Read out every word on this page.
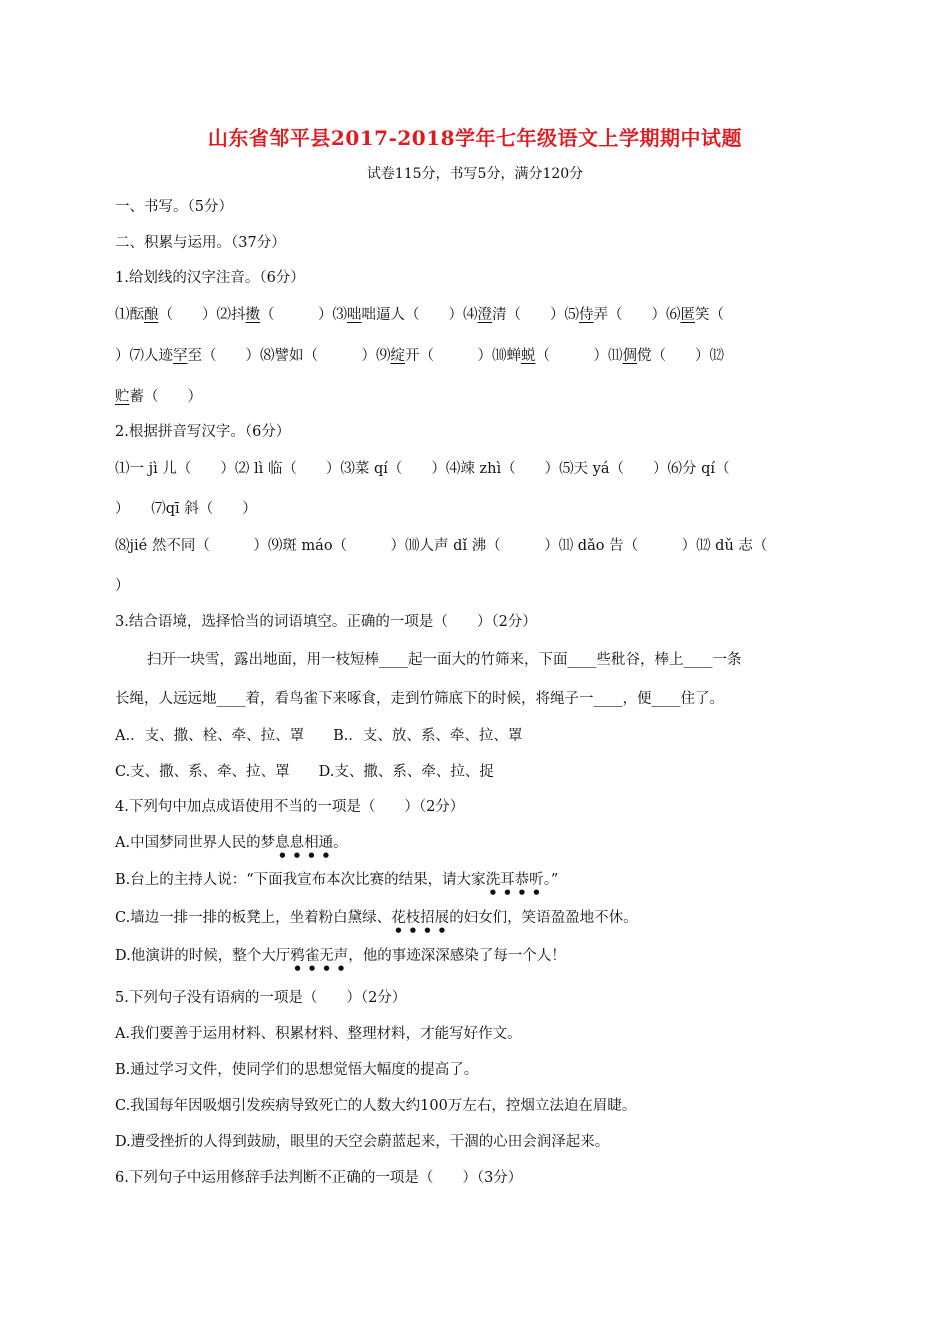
山东省邹平县2017-2018学年七年级语文上学期期中试题
试卷115分，书写5分，满分120分
一、书写。（5分）
二、积累与运用。（37分）
1.给划线的汉字注音。（6分）
⑴酝酿（　　）⑵抖擞（　　　）⑶咄咄逼人（　　）⑷澄清（　　）⑸侍弄（　　）⑹匿笑（
）⑺人迹罕至（　　）⑻譬如（　　　）⑼绽开（　　　）⑽蝉蜕（　　　）⑾倜傥（　　）⑿
贮蓄（　　）
2.根据拼音写汉字。（6分）
⑴一 jì 儿（　　）⑵ lì 临（　　）⑶菜 qí（　　）⑷竦 zhì（　　）⑸天 yá（　　）⑹分 qí（
）　　⑺qī 斜（　　）
⑻jié 然不同（　　　）⑼斑 máo（　　　）⑽人声 dǐ 沸（　　　）⑾ dǎo 告（　　　）⑿ dǔ 志（
）
3.结合语境，选择恰当的词语填空。正确的一项是（　　）（2分）
扫开一块雪，露出地面，用一枝短棒____起一面大的竹筛来，下面____些秕谷，棒上____一条
长绳，人远远地____着，看鸟雀下来啄食，走到竹筛底下的时候，将绳子一____，便____住了。
A.．支、撒、栓、牵、拉、罩　　B.．支、放、系、牵、拉、罩
C.支、撒、系、牵、拉、罩　　D.支、撒、系、牵、拉、捉
4.下列句中加点成语使用不当的一项是（　　）（2分）
A.中国梦同世界人民的梦息息相通。
B.台上的主持人说：“下面我宣布本次比赛的结果，请大家洗耳恭听。”
C.墙边一排一排的板凳上，坐着粉白黛绿、花枝招展的妇女们，笑语盈盈地不休。
D.他演讲的时候，整个大厅鸦雀无声，他的事迹深深感染了每一个人！
5.下列句子没有语病的一项是（　　）（2分）
A.我们要善于运用材料、积累材料、整理材料，才能写好作文。
B.通过学习文件，使同学们的思想觉悟大幅度的提高了。
C.我国每年因吸烟引发疾病导致死亡的人数大约100万左右，控烟立法迫在眉睫。
D.遭受挫折的人得到鼓励，眼里的天空会蔚蓝起来，干涸的心田会润泽起来。
6.下列句子中运用修辞手法判断不正确的一项是（　　）（3分）
